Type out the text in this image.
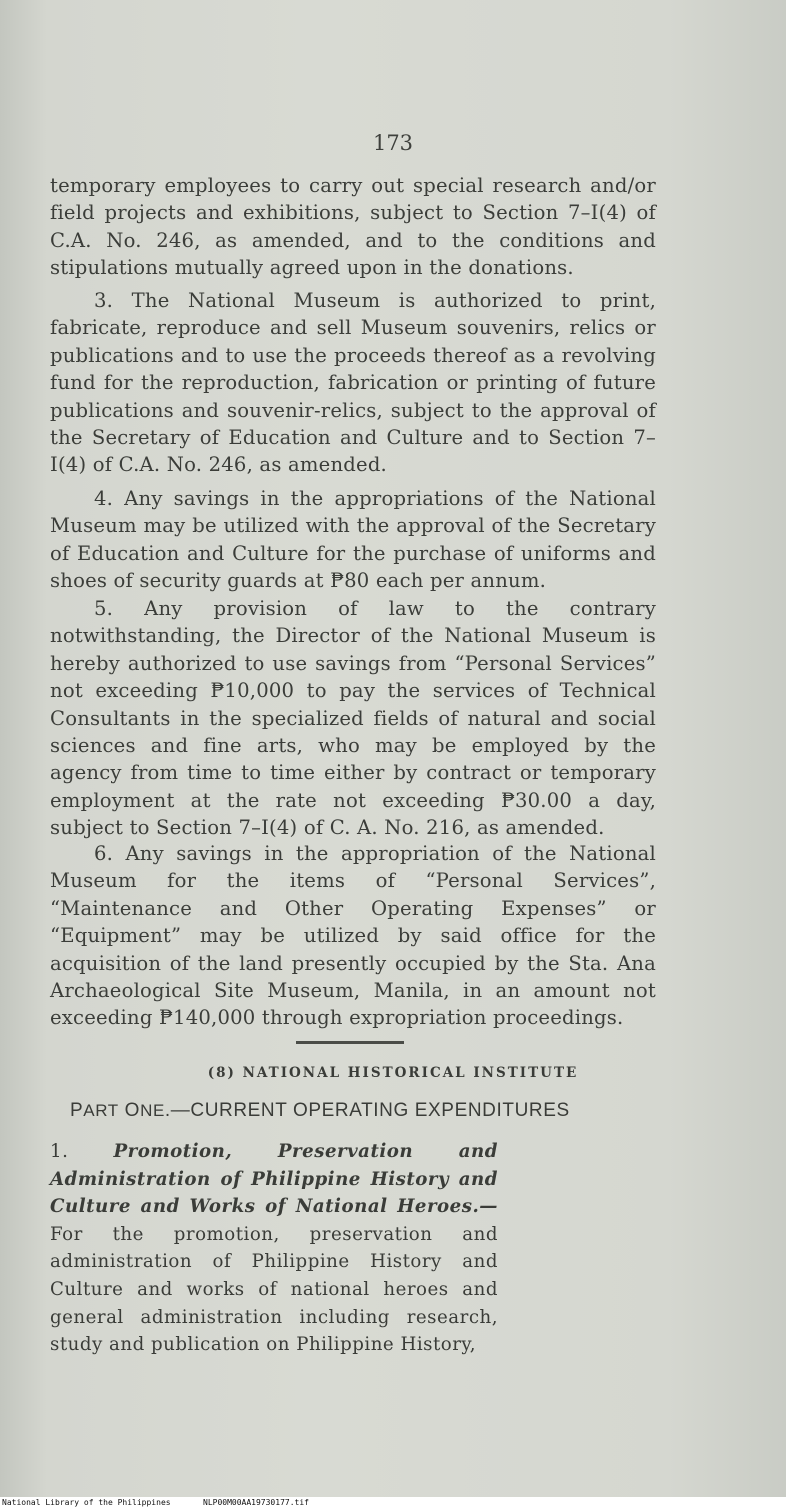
173

temporary employees to carry out special research and/or field projects and exhibitions, subject to Section 7–I(4) of C.A. No. 246, as amended, and to the conditions and stipulations mutually agreed upon in the donations.

3. The National Museum is authorized to print, fabricate, reproduce and sell Museum souvenirs, relics or publications and to use the proceeds thereof as a revolving fund for the reproduction, fabrication or printing of future publications and souvenir-relics, subject to the approval of the Secretary of Education and Culture and to Section 7–I(4) of C.A. No. 246, as amended.

4. Any savings in the appropriations of the National Museum may be utilized with the approval of the Secretary of Education and Culture for the purchase of uniforms and shoes of security guards at ₱80 each per annum.

5. Any provision of law to the contrary notwithstanding, the Director of the National Museum is hereby authorized to use savings from “Personal Services” not exceeding ₱10,000 to pay the services of Technical Consultants in the specialized fields of natural and social sciences and fine arts, who may be employed by the agency from time to time either by contract or temporary employment at the rate not exceeding ₱30.00 a day, subject to Section 7–I(4) of C. A. No. 216, as amended.

6. Any savings in the appropriation of the National Museum for the items of “Personal Services”, “Maintenance and Other Operating Expenses” or “Equipment” may be utilized by said office for the acquisition of the land presently occupied by the Sta. Ana Archaeological Site Museum, Manila, in an amount not exceeding ₱140,000 through expropriation proceedings.

(8) NATIONAL HISTORICAL INSTITUTE
PART ONE.—CURRENT OPERATING EXPENDITURES
1. Promotion, Preservation and Administration of Philippine History and Culture and Works of National Heroes.— For the promotion, preservation and administration of Philippine History and Culture and works of national heroes and general administration including research, study and publication on Philippine History,
National Library of the Philippines	NLP00M00AA19730177.tif
